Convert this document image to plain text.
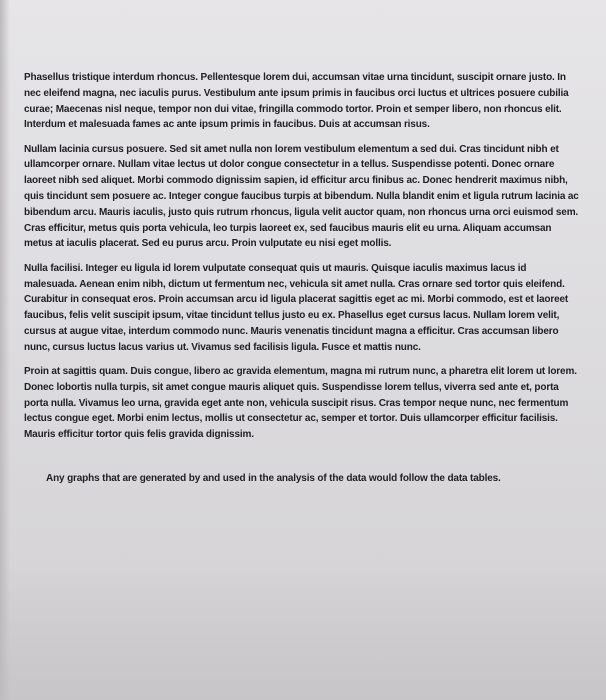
Phasellus tristique interdum rhoncus. Pellentesque lorem dui, accumsan vitae urna tincidunt, suscipit ornare justo. In nec eleifend magna, nec iaculis purus. Vestibulum ante ipsum primis in faucibus orci luctus et ultrices posuere cubilia curae; Maecenas nisl neque, tempor non dui vitae, fringilla commodo tortor. Proin et semper libero, non rhoncus elit. Interdum et malesuada fames ac ante ipsum primis in faucibus. Duis at accumsan risus.

Nullam lacinia cursus posuere. Sed sit amet nulla non lorem vestibulum elementum a sed dui. Cras tincidunt nibh et ullamcorper ornare. Nullam vitae lectus ut dolor congue consectetur in a tellus. Suspendisse potenti. Donec ornare laoreet nibh sed aliquet. Morbi commodo dignissim sapien, id efficitur arcu finibus ac. Donec hendrerit maximus nibh, quis tincidunt sem posuere ac. Integer congue faucibus turpis at bibendum. Nulla blandit enim et ligula rutrum lacinia ac bibendum arcu. Mauris iaculis, justo quis rutrum rhoncus, ligula velit auctor quam, non rhoncus urna orci euismod sem. Cras efficitur, metus quis porta vehicula, leo turpis laoreet ex, sed faucibus mauris elit eu urna. Aliquam accumsan metus at iaculis placerat. Sed eu purus arcu. Proin vulputate eu nisi eget mollis.

Nulla facilisi. Integer eu ligula id lorem vulputate consequat quis ut mauris. Quisque iaculis maximus lacus id malesuada. Aenean enim nibh, dictum ut fermentum nec, vehicula sit amet nulla. Cras ornare sed tortor quis eleifend. Curabitur in consequat eros. Proin accumsan arcu id ligula placerat sagittis eget ac mi. Morbi commodo, est et laoreet faucibus, felis velit suscipit ipsum, vitae tincidunt tellus justo eu ex. Phasellus eget cursus lacus. Nullam lorem velit, cursus at augue vitae, interdum commodo nunc. Mauris venenatis tincidunt magna a efficitur. Cras accumsan libero nunc, cursus luctus lacus varius ut. Vivamus sed facilisis ligula. Fusce et mattis nunc.

Proin at sagittis quam. Duis congue, libero ac gravida elementum, magna mi rutrum nunc, a pharetra elit lorem ut lorem. Donec lobortis nulla turpis, sit amet congue mauris aliquet quis. Suspendisse lorem tellus, viverra sed ante et, porta porta nulla. Vivamus leo urna, gravida eget ante non, vehicula suscipit risus. Cras tempor neque nunc, nec fermentum lectus congue eget. Morbi enim lectus, mollis ut consectetur ac, semper et tortor. Duis ullamcorper efficitur facilisis. Mauris efficitur tortor quis felis gravida dignissim.

Any graphs that are generated by and used in the analysis of the data would follow the data tables.
